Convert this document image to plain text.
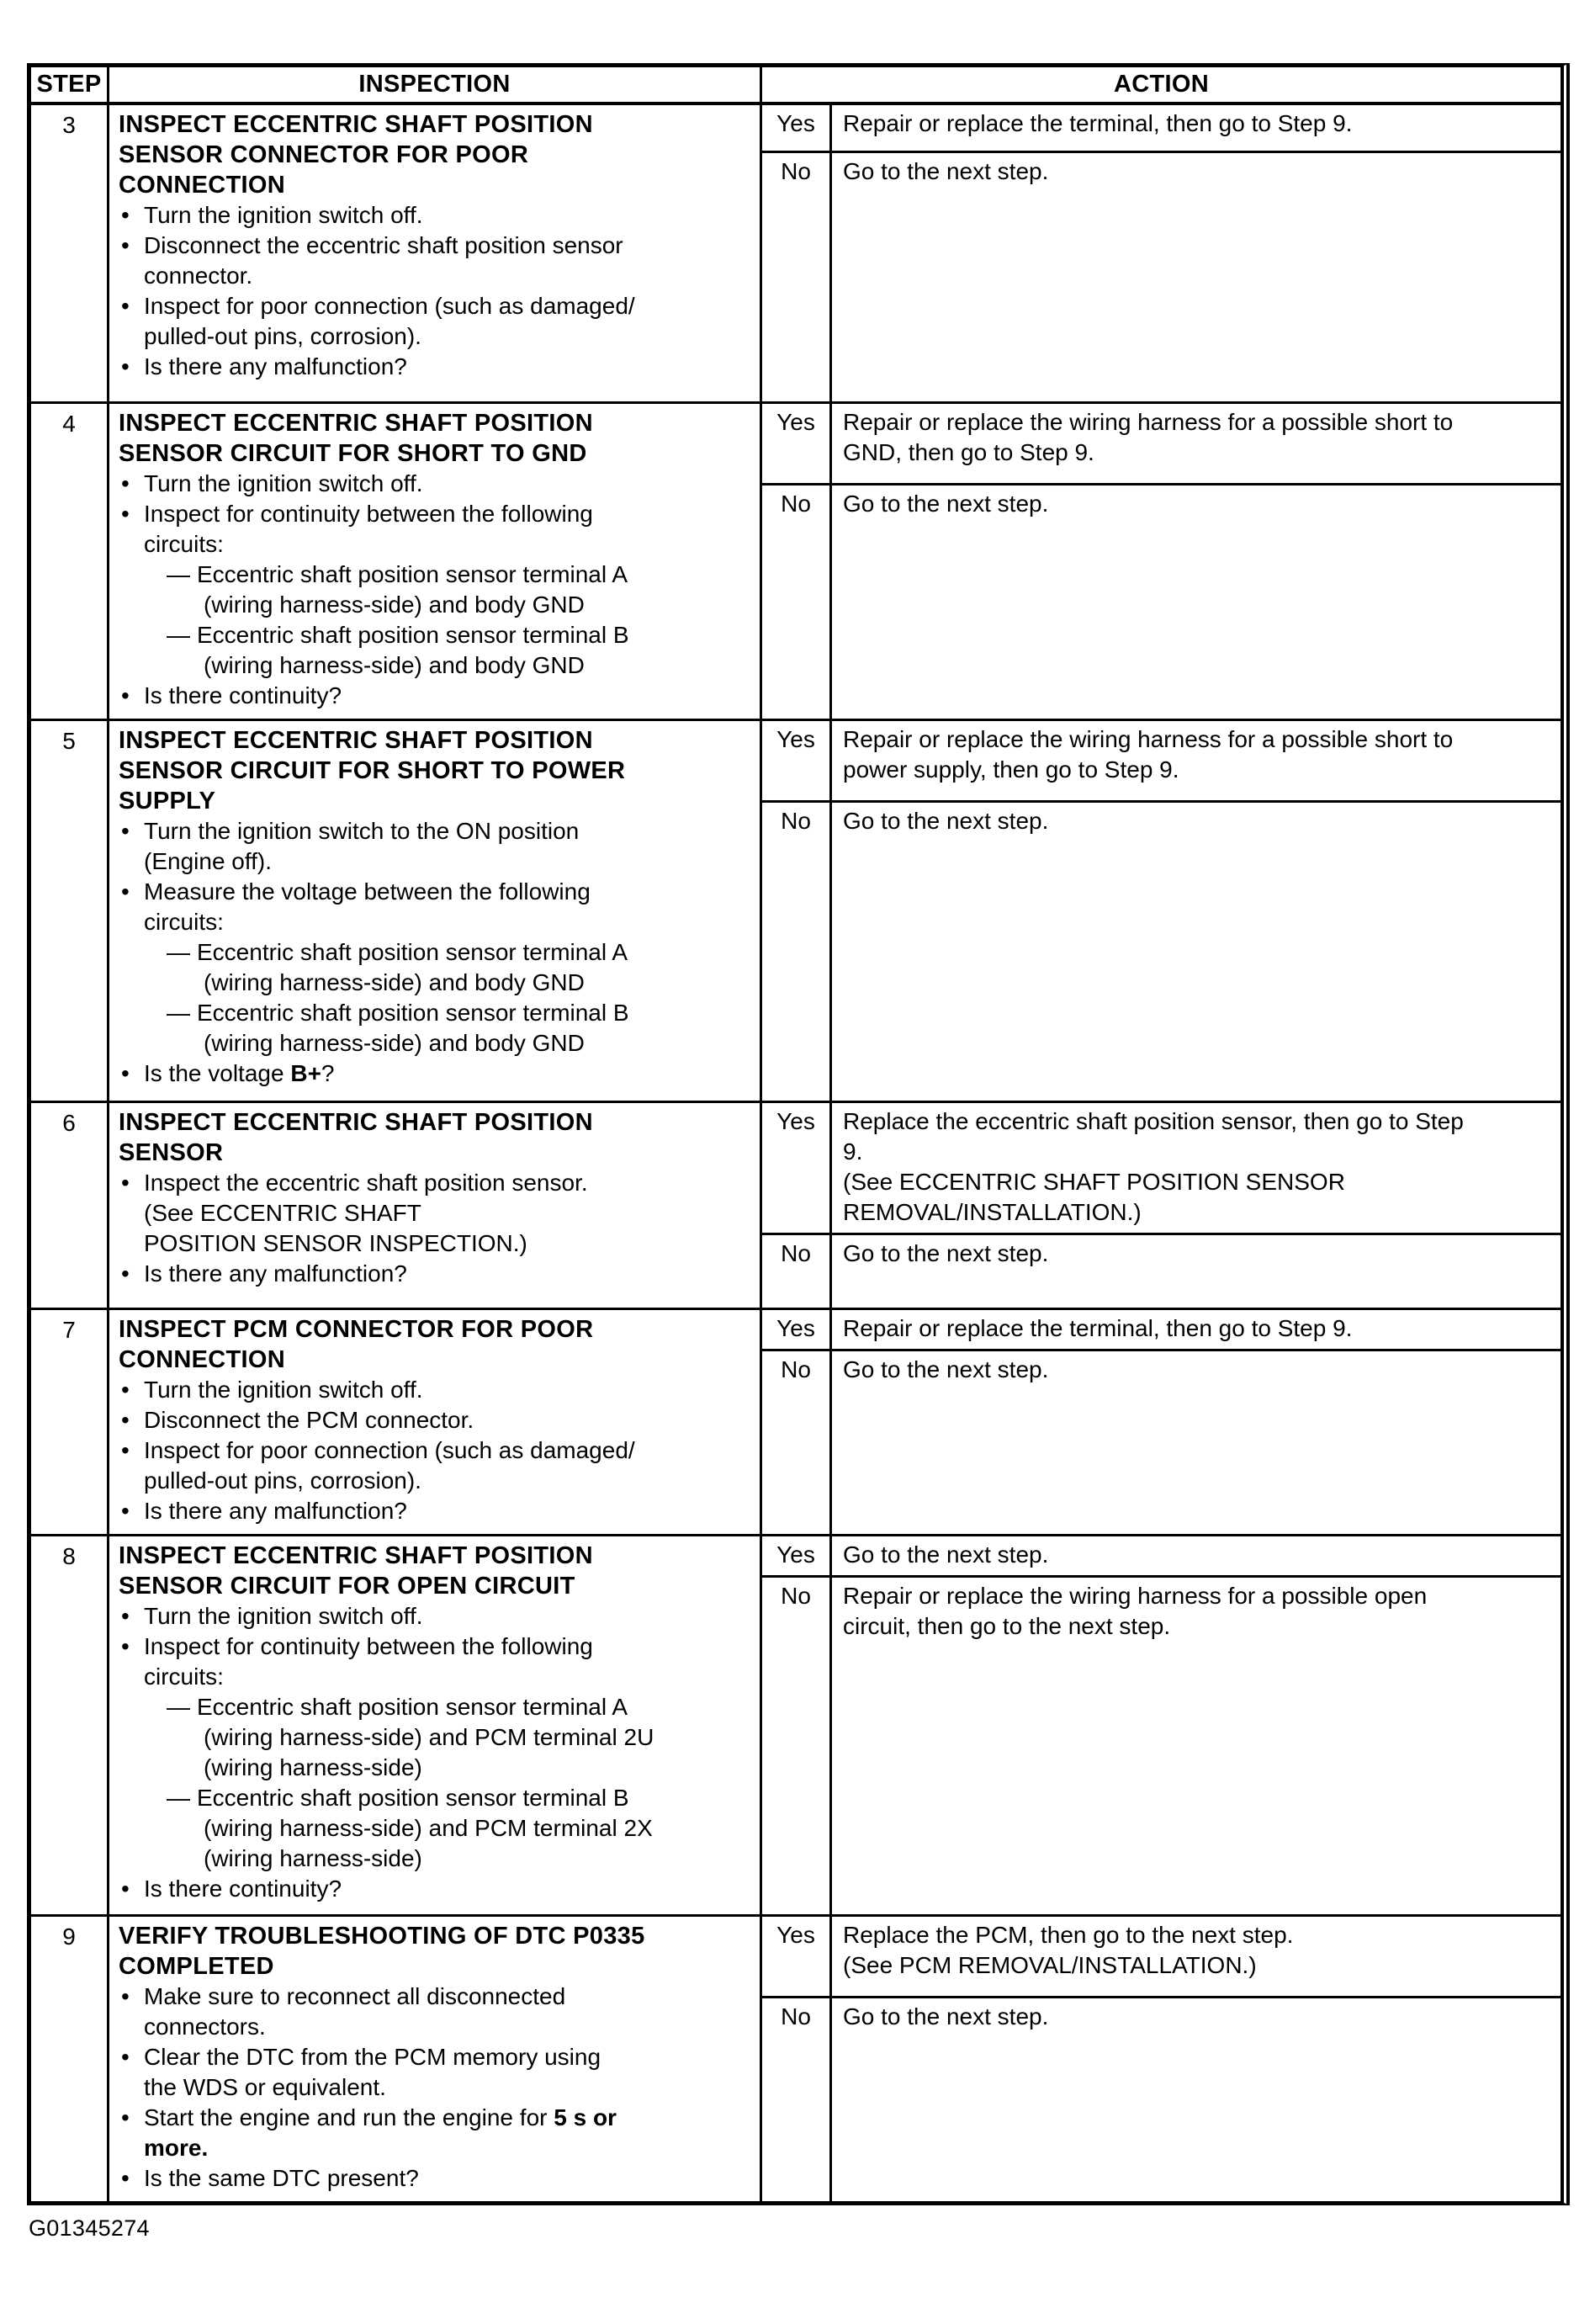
STEP	INSPECTION	ACTION
3	INSPECT ECCENTRIC SHAFT POSITION
SENSOR CONNECTOR FOR POOR
CONNECTION
• Turn the ignition switch off.
• Disconnect the eccentric shaft position sensor
connector.
• Inspect for poor connection (such as damaged/
pulled-out pins, corrosion).
• Is there any malfunction?
Yes	Repair or replace the terminal, then go to Step 9.
No	Go to the next step.
4	INSPECT ECCENTRIC SHAFT POSITION
SENSOR CIRCUIT FOR SHORT TO GND
• Turn the ignition switch off.
• Inspect for continuity between the following
circuits:
— Eccentric shaft position sensor terminal A
(wiring harness-side) and body GND
— Eccentric shaft position sensor terminal B
(wiring harness-side) and body GND
• Is there continuity?
Yes	Repair or replace the wiring harness for a possible short to
GND, then go to Step 9.
No	Go to the next step.
5	INSPECT ECCENTRIC SHAFT POSITION
SENSOR CIRCUIT FOR SHORT TO POWER
SUPPLY
• Turn the ignition switch to the ON position
(Engine off).
• Measure the voltage between the following
circuits:
— Eccentric shaft position sensor terminal A
(wiring harness-side) and body GND
— Eccentric shaft position sensor terminal B
(wiring harness-side) and body GND
• Is the voltage B+?
Yes	Repair or replace the wiring harness for a possible short to
power supply, then go to Step 9.
No	Go to the next step.
6	INSPECT ECCENTRIC SHAFT POSITION
SENSOR
• Inspect the eccentric shaft position sensor.
(See ECCENTRIC SHAFT
POSITION SENSOR INSPECTION.)
• Is there any malfunction?
Yes	Replace the eccentric shaft position sensor, then go to Step
9.
(See ECCENTRIC SHAFT POSITION SENSOR
REMOVAL/INSTALLATION.)
No	Go to the next step.
7	INSPECT PCM CONNECTOR FOR POOR
CONNECTION
• Turn the ignition switch off.
• Disconnect the PCM connector.
• Inspect for poor connection (such as damaged/
pulled-out pins, corrosion).
• Is there any malfunction?
Yes	Repair or replace the terminal, then go to Step 9.
No	Go to the next step.
8	INSPECT ECCENTRIC SHAFT POSITION
SENSOR CIRCUIT FOR OPEN CIRCUIT
• Turn the ignition switch off.
• Inspect for continuity between the following
circuits:
— Eccentric shaft position sensor terminal A
(wiring harness-side) and PCM terminal 2U
(wiring harness-side)
— Eccentric shaft position sensor terminal B
(wiring harness-side) and PCM terminal 2X
(wiring harness-side)
• Is there continuity?
Yes	Go to the next step.
No	Repair or replace the wiring harness for a possible open
circuit, then go to the next step.
9	VERIFY TROUBLESHOOTING OF DTC P0335
COMPLETED
• Make sure to reconnect all disconnected
connectors.
• Clear the DTC from the PCM memory using
the WDS or equivalent.
• Start the engine and run the engine for 5 s or
more.
• Is the same DTC present?
Yes	Replace the PCM, then go to the next step.
(See PCM REMOVAL/INSTALLATION.)
No	Go to the next step.
G01345274
